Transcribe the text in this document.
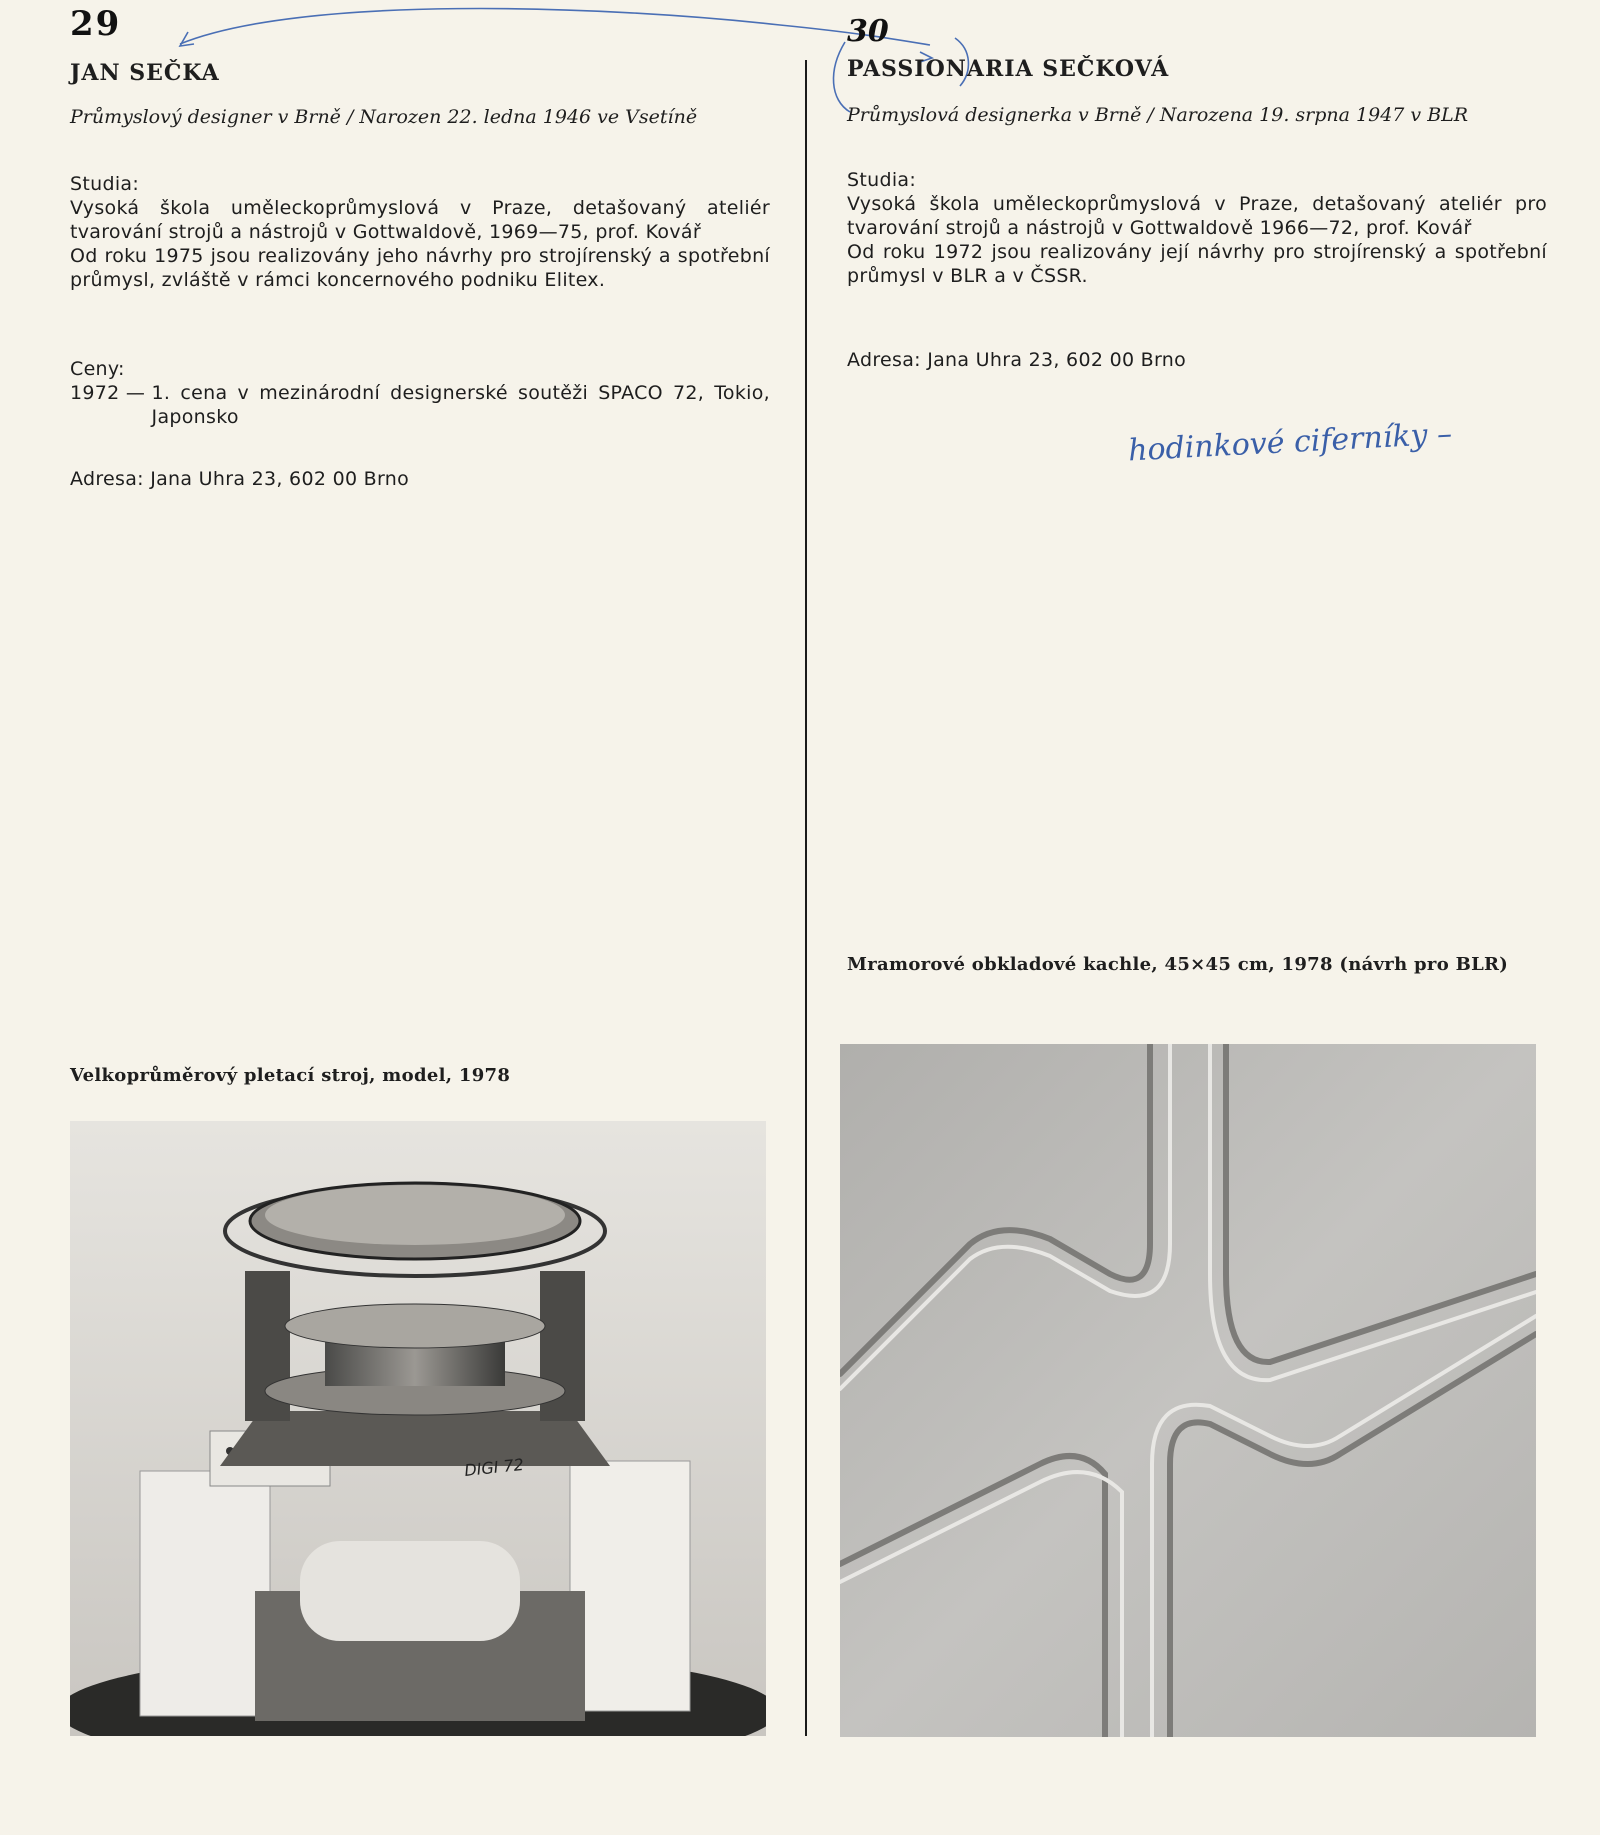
29	30
JAN SEČKA

Průmyslový designer v Brně / Narozen 22. ledna 1946 ve Vsetíně

Studia:

Vysoká škola uměleckoprůmyslová v Praze, detašovaný ateliér tvarování strojů a nástrojů v Gottwaldově, 1969—75, prof. Kovář

Od roku 1975 jsou realizovány jeho návrhy pro strojírenský a spotřební průmysl, zvláště v rámci koncernového podniku Elitex.

Ceny:
1972 — 1. cena v mezinárodní designerské soutěži SPACO 72, Tokio, Japonsko
Adresa: Jana Uhra 23, 602 00 Brno

Velkoprůměrový pletací stroj, model, 1978

DIGI 72
PASSIONARIA SEČKOVÁ

Průmyslová designerka v Brně / Narozena 19. srpna 1947 v BLR

Studia:

Vysoká škola uměleckoprůmyslová v Praze, detašovaný ateliér pro tvarování strojů a nástrojů v Gottwaldově 1966—72, prof. Kovář

Od roku 1972 jsou realizovány její návrhy pro strojírenský a spotřební průmysl v BLR a v ČSSR.

Adresa: Jana Uhra 23, 602 00 Brno
hodinkové ciferníky –

Mramorové obkladové kachle, 45×45 cm, 1978 (návrh pro BLR)
